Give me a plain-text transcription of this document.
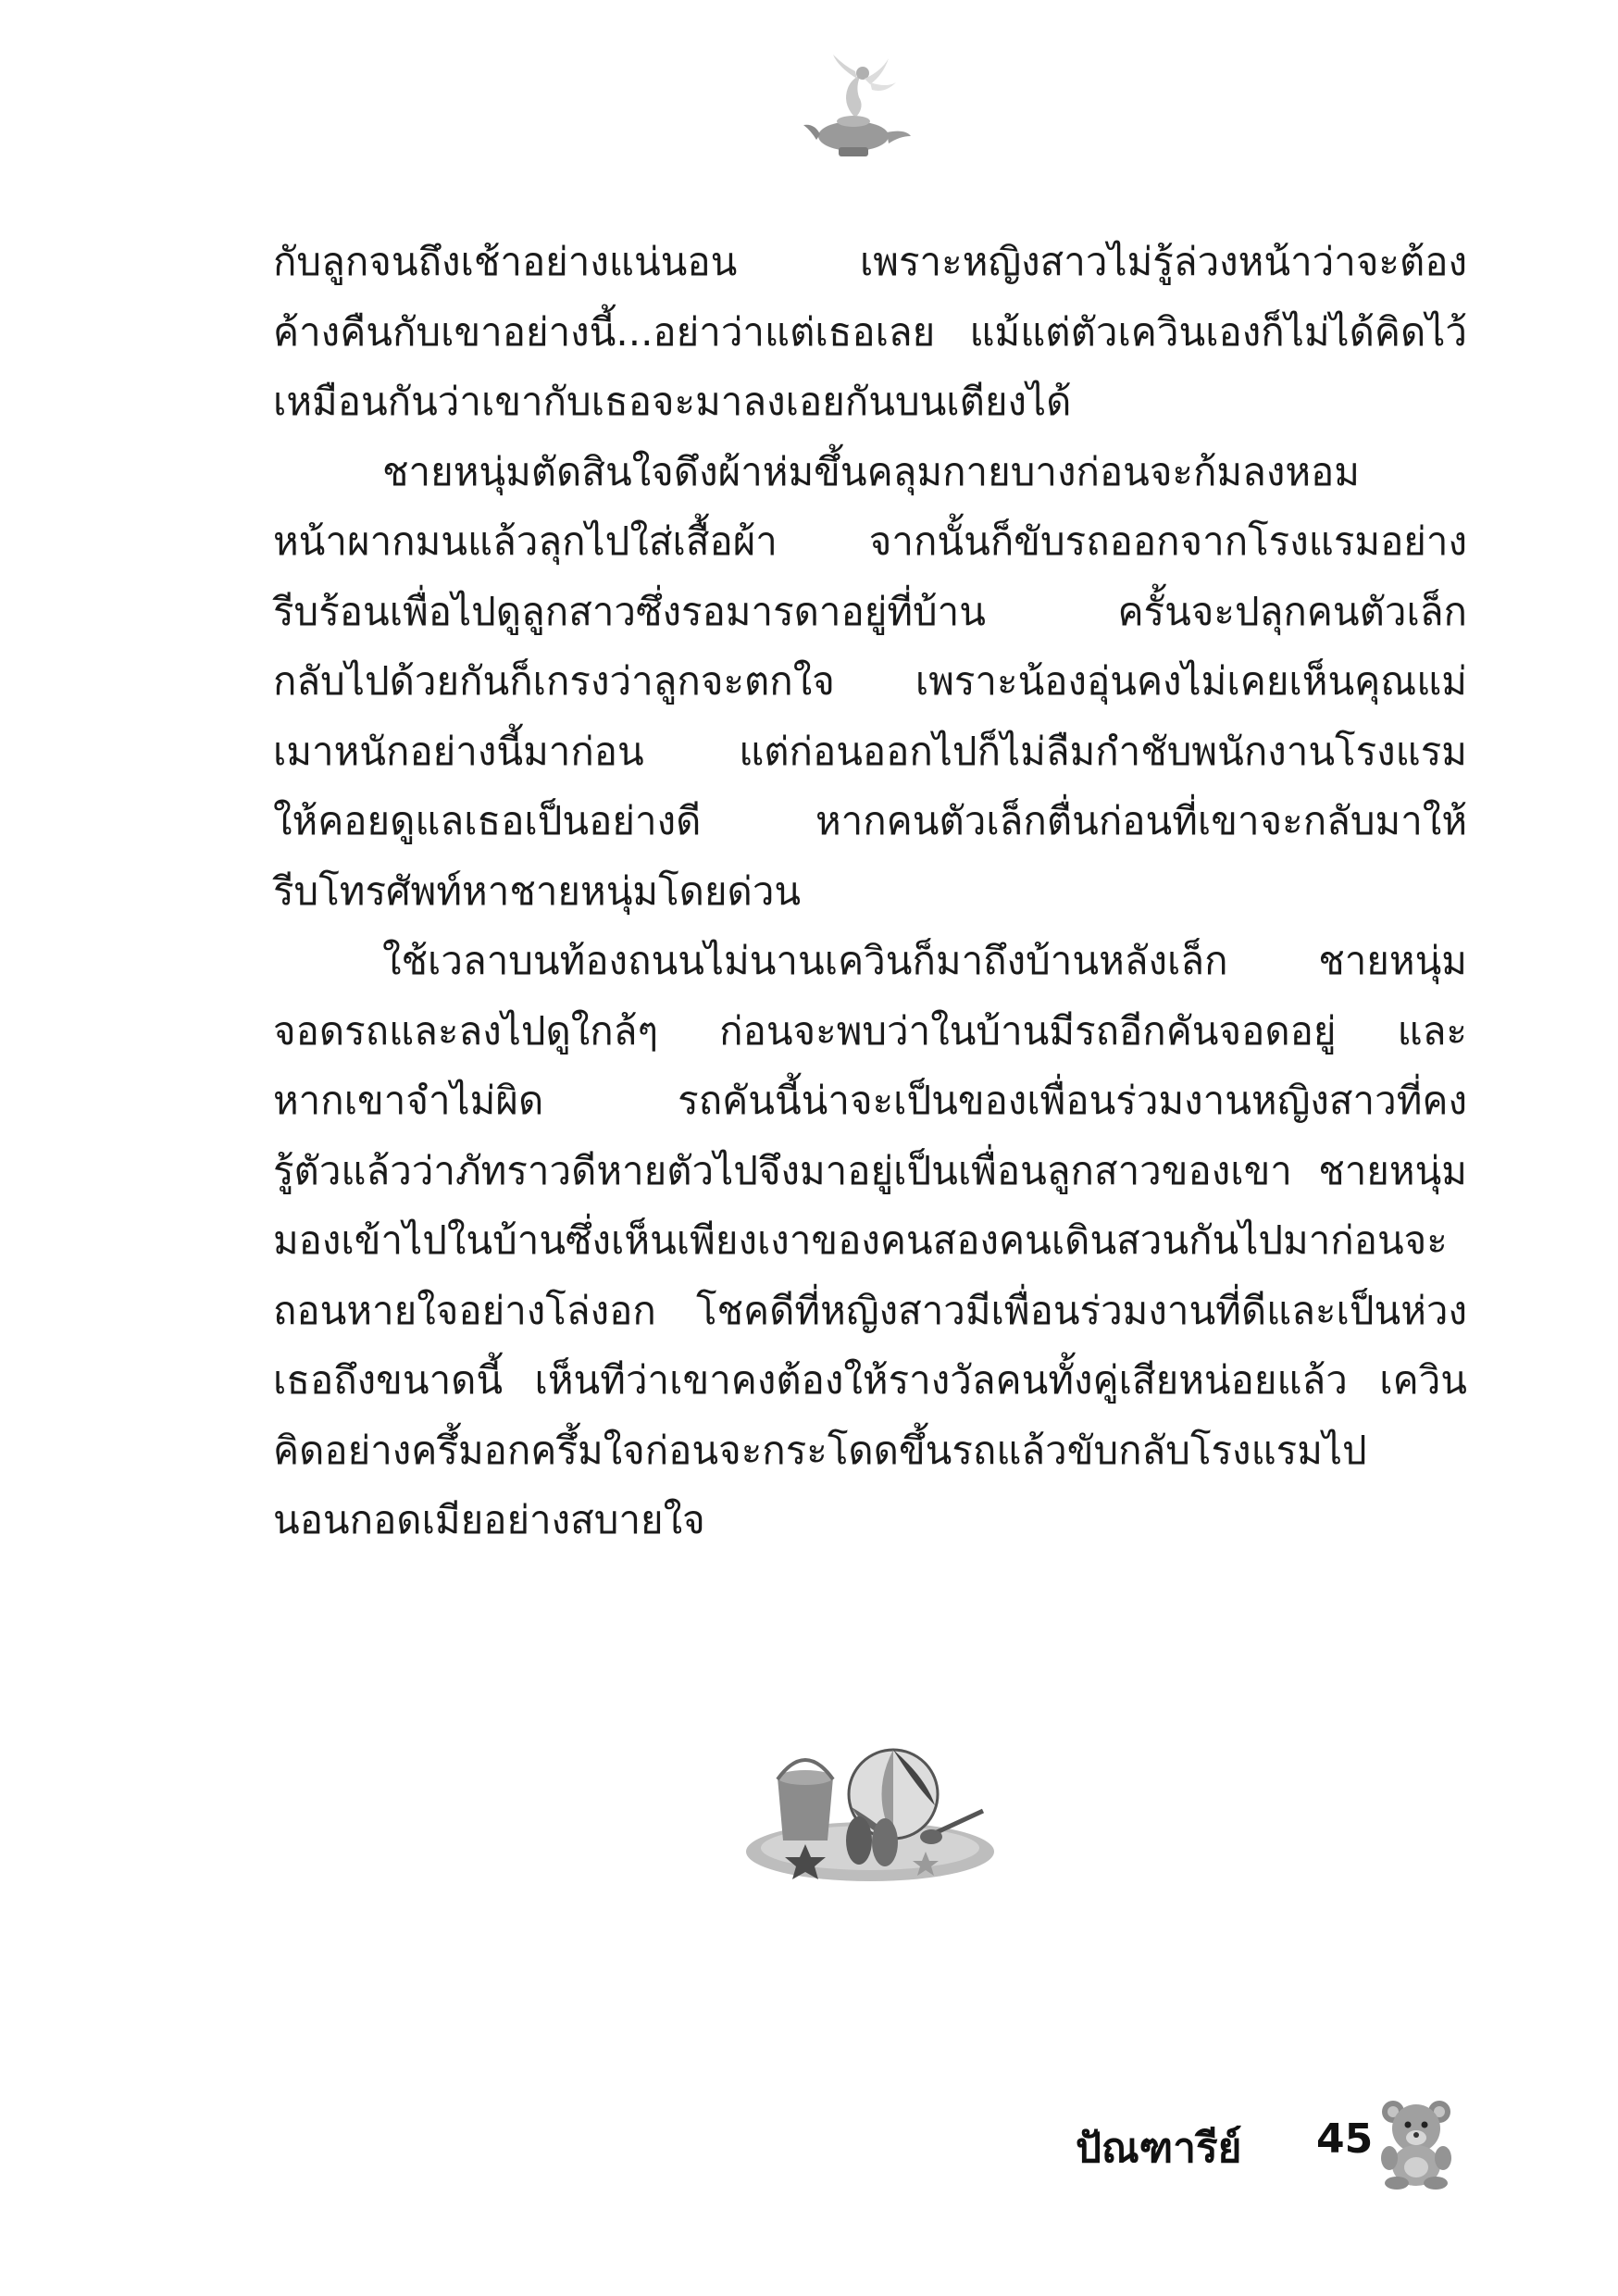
กับลูกจนถึงเช้าอย่างแน่นอน เพราะหญิงสาวไม่รู้ล่วงหน้าว่าจะต้อง
ค้างคืนกับเขาอย่างนี้...อย่าว่าแต่เธอเลย แม้แต่ตัวเควินเองก็ไม่ได้คิดไว้
เหมือนกันว่าเขากับเธอจะมาลงเอยกันบนเตียงได้
ชายหนุ่มตัดสินใจดึงผ้าห่มขึ้นคลุมกายบางก่อนจะก้มลงหอม
หน้าผากมนแล้วลุกไปใส่เสื้อผ้า จากนั้นก็ขับรถออกจากโรงแรมอย่าง
รีบร้อนเพื่อไปดูลูกสาวซึ่งรอมารดาอยู่ที่บ้าน ครั้นจะปลุกคนตัวเล็ก
กลับไปด้วยกันก็เกรงว่าลูกจะตกใจ เพราะน้องอุ่นคงไม่เคยเห็นคุณแม่
เมาหนักอย่างนี้มาก่อน แต่ก่อนออกไปก็ไม่ลืมกำชับพนักงานโรงแรม
ให้คอยดูแลเธอเป็นอย่างดี หากคนตัวเล็กตื่นก่อนที่เขาจะกลับมาให้
รีบโทรศัพท์หาชายหนุ่มโดยด่วน
ใช้เวลาบนท้องถนนไม่นานเควินก็มาถึงบ้านหลังเล็ก ชายหนุ่ม
จอดรถและลงไปดูใกล้ๆ ก่อนจะพบว่าในบ้านมีรถอีกคันจอดอยู่ และ
หากเขาจำไม่ผิด รถคันนี้น่าจะเป็นของเพื่อนร่วมงานหญิงสาวที่คง
รู้ตัวแล้วว่าภัทราวดีหายตัวไปจึงมาอยู่เป็นเพื่อนลูกสาวของเขา ชายหนุ่ม
มองเข้าไปในบ้านซึ่งเห็นเพียงเงาของคนสองคนเดินสวนกันไปมาก่อนจะ
ถอนหายใจอย่างโล่งอก โชคดีที่หญิงสาวมีเพื่อนร่วมงานที่ดีและเป็นห่วง
เธอถึงขนาดนี้ เห็นทีว่าเขาคงต้องให้รางวัลคนทั้งคู่เสียหน่อยแล้ว เควิน
คิดอย่างครึ้มอกครึ้มใจก่อนจะกระโดดขึ้นรถแล้วขับกลับโรงแรมไป
นอนกอดเมียอย่างสบายใจ
ปัณฑารีย์ 45
